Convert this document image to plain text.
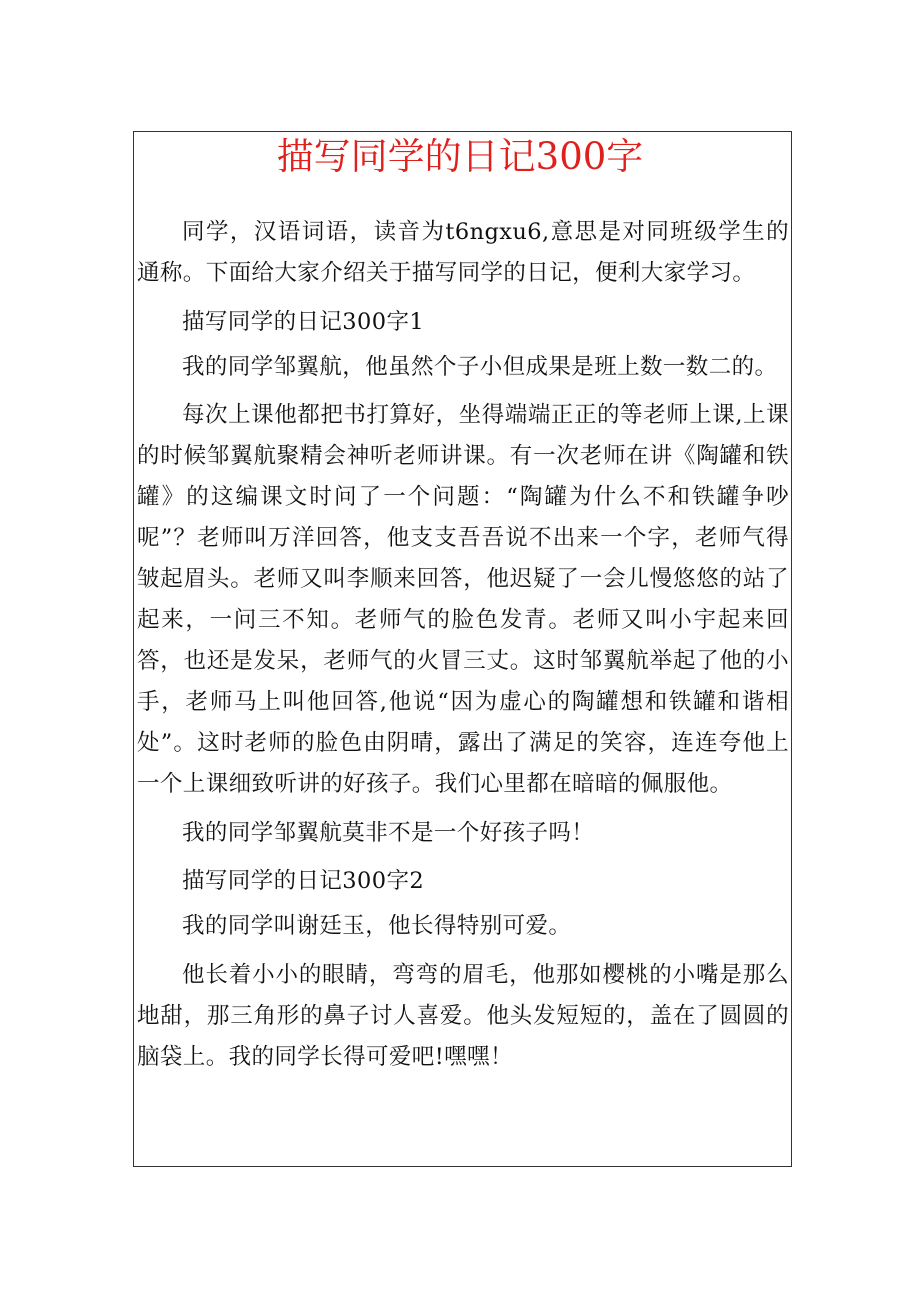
描写同学的日记300字

同学，汉语词语，读音为t6ngxu6,意思是对同班级学生的通称。下面给大家介绍关于描写同学的日记，便利大家学习。

描写同学的日记300字1

我的同学邹翼航，他虽然个子小但成果是班上数一数二的。

每次上课他都把书打算好，坐得端端正正的等老师上课,上课的时候邹翼航聚精会神听老师讲课。有一次老师在讲《陶罐和铁罐》的这编课文时问了一个问题：“陶罐为什么不和铁罐争吵呢”？老师叫万洋回答，他支支吾吾说不出来一个字，老师气得皱起眉头。老师又叫李顺来回答，他迟疑了一会儿慢悠悠的站了起来，一问三不知。老师气的脸色发青。老师又叫小宇起来回答，也还是发呆，老师气的火冒三丈。这时邹翼航举起了他的小手，老师马上叫他回答,他说“因为虚心的陶罐想和铁罐和谐相处”。这时老师的脸色由阴晴，露出了满足的笑容，连连夸他上一个上课细致听讲的好孩子。我们心里都在暗暗的佩服他。

我的同学邹翼航莫非不是一个好孩子吗！

描写同学的日记300字2

我的同学叫谢廷玉，他长得特别可爱。

他长着小小的眼睛，弯弯的眉毛，他那如樱桃的小嘴是那么地甜，那三角形的鼻子讨人喜爱。他头发短短的，盖在了圆圆的脑袋上。我的同学长得可爱吧!嘿嘿！
